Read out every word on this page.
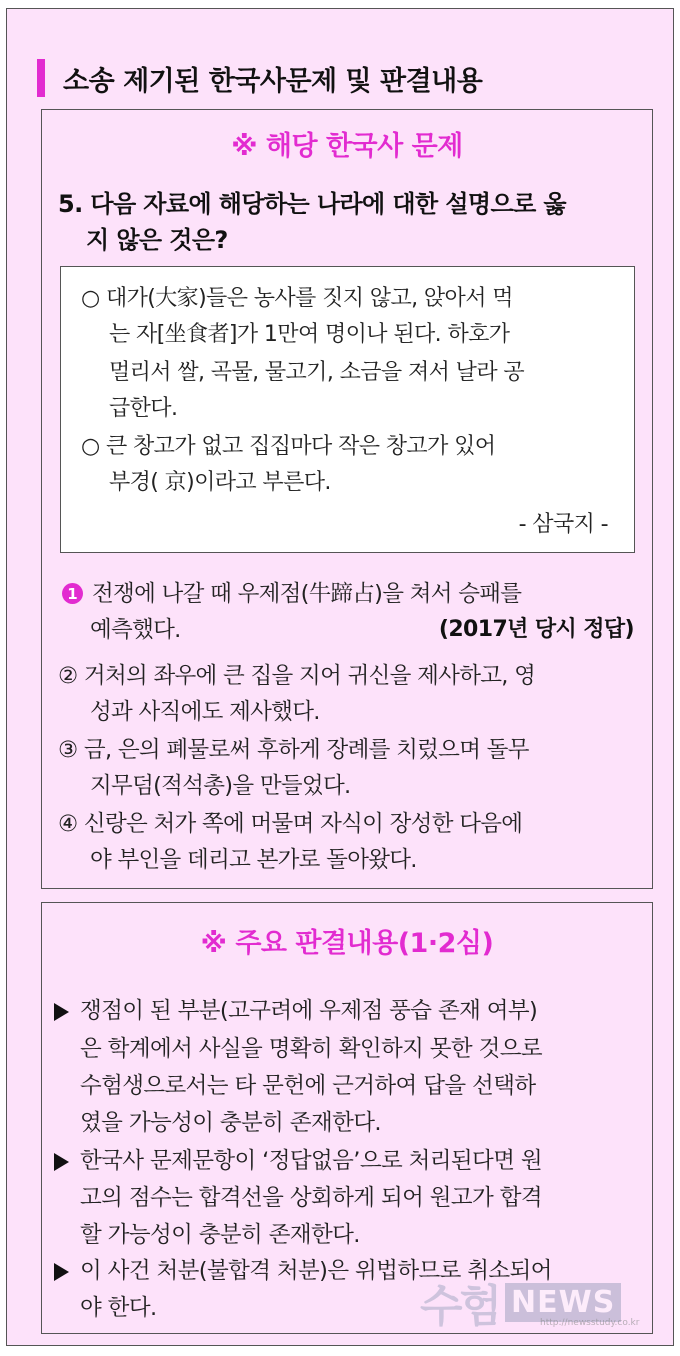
소송 제기된 한국사문제 및 판결내용
※ 해당 한국사 문제
5. 다음 자료에 해당하는 나라에 대한 설명으로 옳
지 않은 것은?
○ 대가(大家)들은 농사를 짓지 않고, 앉아서 먹
는 자[坐食者]가 1만여 명이나 된다. 하호가
멀리서 쌀, 곡물, 물고기, 소금을 져서 날라 공
급한다.
○ 큰 창고가 없고 집집마다 작은 창고가 있어
부경( 京)이라고 부른다.
- 삼국지 -
1 전쟁에 나갈 때 우제점(牛蹄占)을 쳐서 승패를
예측했다.	(2017년 당시 정답)
② 거처의 좌우에 큰 집을 지어 귀신을 제사하고, 영
성과 사직에도 제사했다.
③ 금, 은의 폐물로써 후하게 장례를 치렀으며 돌무
지무덤(적석총)을 만들었다.
④ 신랑은 처가 쪽에 머물며 자식이 장성한 다음에
야 부인을 데리고 본가로 돌아왔다.
※ 주요 판결내용(1·2심)
쟁점이 된 부분(고구려에 우제점 풍습 존재 여부)
은 학계에서 사실을 명확히 확인하지 못한 것으로
수험생으로서는 타 문헌에 근거하여 답을 선택하
였을 가능성이 충분히 존재한다.
한국사 문제문항이 ‘정답없음’으로 처리된다면 원
고의 점수는 합격선을 상회하게 되어 원고가 합격
할 가능성이 충분히 존재한다.
이 사건 처분(불합격 처분)은 위법하므로 취소되어
야 한다.	수험 NEWS
http://newsstudy.co.kr
